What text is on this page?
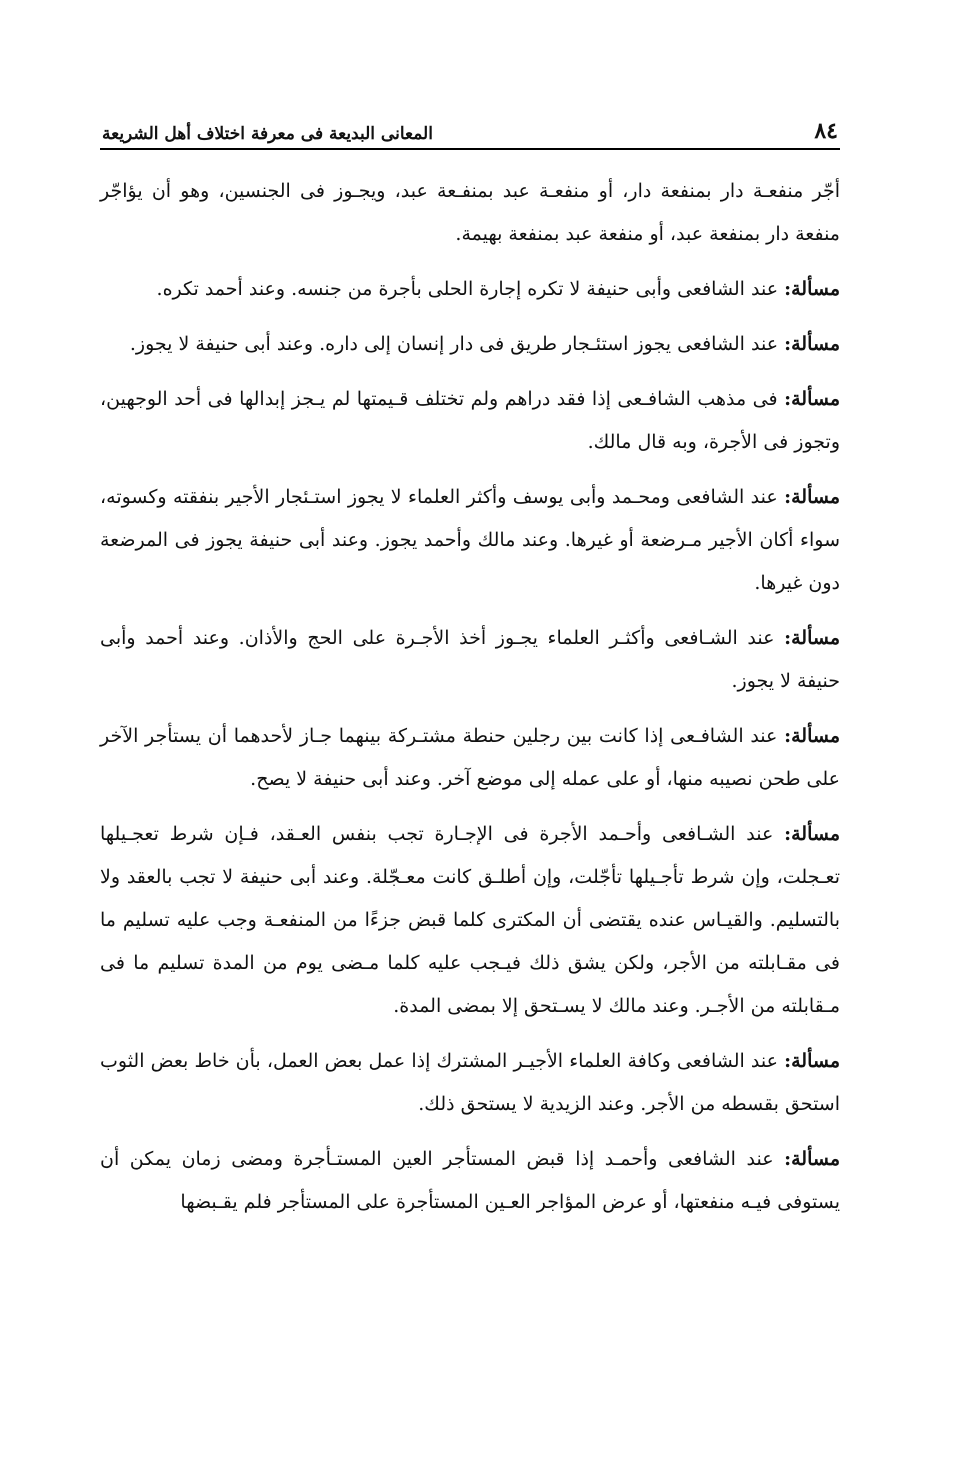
٨٤
المعانى البديعة فى معرفة اختلاف أهل الشريعة

أجّر منفعـة دار بمنفعة دار، أو منفعـة عبد بمنفـعة عبد، ويجـوز فى الجنسين، وهو أن يؤاجّر منفعة دار بمنفعة عبد، أو منفعة عبد بمنفعة بهيمة.

مسألة: عند الشافعى وأبى حنيفة لا تكره إجارة الحلى بأجرة من جنسه. وعند أحمد تكره.

مسألة: عند الشافعى يجوز استئـجار طريق فى دار إنسان إلى داره. وعند أبى حنيفة لا يجوز.

مسألة: فى مذهب الشافـعى إذا فقد دراهم ولم تختلف قـيمتها لم يـجز إبدالها فى أحد الوجهين، وتجوز فى الأجرة، وبه قال مالك.

مسألة: عند الشافعى ومحـمد وأبى يوسف وأكثر العلماء لا يجوز استـئجار الأجير بنفقته وكسوته، سواء أكان الأجير مـرضعة أو غيرها. وعند مالك وأحمد يجوز. وعند أبى حنيفة يجوز فى المرضعة دون غيرها.

مسألة: عند الشـافعى وأكثـر العلماء يجـوز أخذ الأجـرة على الحج والأذان. وعند أحمد وأبى حنيفة لا يجوز.

مسألة: عند الشافـعى إذا كانت بين رجلين حنطة مشتـركة بينهما جـاز لأحدهما أن يستأجر الآخر على طحن نصيبه منها، أو على عمله إلى موضع آخر. وعند أبى حنيفة لا يصح.

مسألة: عند الشـافعى وأحـمد الأجرة فى الإجـارة تجب بنفس العـقد، فـإن شرط تعجـيلها تعـجلت، وإن شرط تأجـيلها تأجّلت، وإن أطلـق كانت معـجّلة. وعند أبى حنيفة لا تجب بالعقد ولا بالتسليم. والقيـاس عنده يقتضى أن المكترى كلما قبض جزءًا من المنفعـة وجب عليه تسليم ما فى مقـابلته من الأجر، ولكن يشق ذلك فيـجب عليه كلما مـضى يوم من المدة تسليم ما فى مـقابلته من الأجـر. وعند مالك لا يسـتحق إلا بمضى المدة.

مسألة: عند الشافعى وكافة العلماء الأجيـر المشترك إذا عمل بعض العمل، بأن خاط بعض الثوب استحق بقسطه من الأجر. وعند الزيدية لا يستحق ذلك.

مسألة: عند الشافعى وأحمـد إذا قبض المستأجر العين المستـأجرة ومضى زمان يمكن أن يستوفى فيـه منفعتها، أو عرض المؤاجر العـين المستأجرة على المستأجر فلم يقـبضها
